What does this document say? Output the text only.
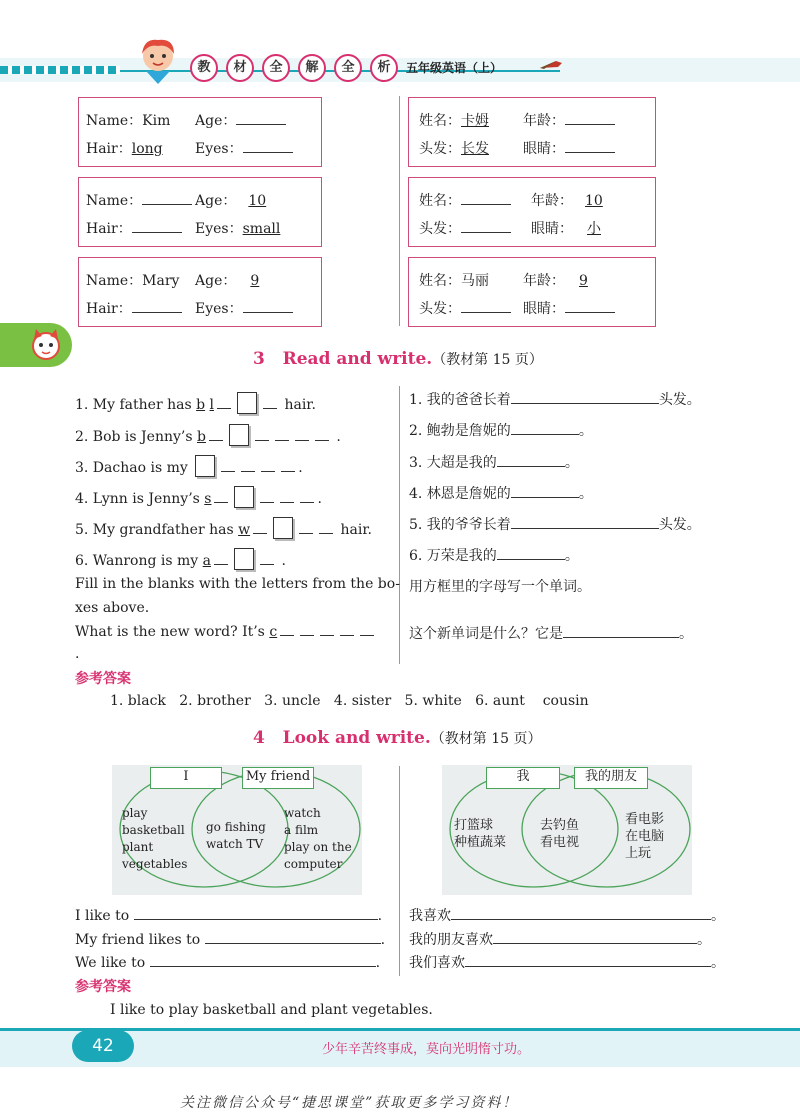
教	材	全	解	全	析	五年级英语（上）
Name：Kim Age：
Hair：long Eyes：
姓名：卡姆 年龄：
头发：长发 眼睛：
Name：	Age： 10
Hair：	Eyes：small
姓名：	年龄： 10
头发：	眼睛： 小
Name：Mary Age： 9
Hair：	Eyes：
姓名：马丽 年龄： 9
头发：	眼睛：
3 Read and write.（教材第 15 页）
1. My father has b l	hair.
2. Bob is Jenny’s b	.
3. Dachao is my	.
4. Lynn is Jenny’s s	.
5. My grandfather has w	hair.
6. Wanrong is my a	.
Fill in the blanks with the letters from the bo-
xes above.
What is the new word? It’s c
.
1. 我的爸爸长着	头发。
2. 鲍勃是詹妮的	。
3. 大超是我的	。
4. 林恩是詹妮的	。
5. 我的爷爷长着	头发。
6. 万荣是我的	。
用方框里的字母写一个单词。
这个新单词是什么？它是	。
参考答案
1. black   2. brother   3. uncle   4. sister   5. white   6. aunt    cousin
4 Look and write.（教材第 15 页）
I	My friend
play
basketball
plant
vegetables
go fishing
watch TV
watch
a film
play on the
computer
我	我的朋友
打篮球
种植蔬菜
去钓鱼
看电视
看电影
在电脑
上玩
I like to	.
My friend likes to	.
We like to	.
我喜欢	。
我的朋友喜欢	。
我们喜欢	。
参考答案
I like to play basketball and plant vegetables.
42	少年辛苦终事成，莫向光明惰寸功。
关注微信公众号“捷思课堂”获取更多学习资料！
